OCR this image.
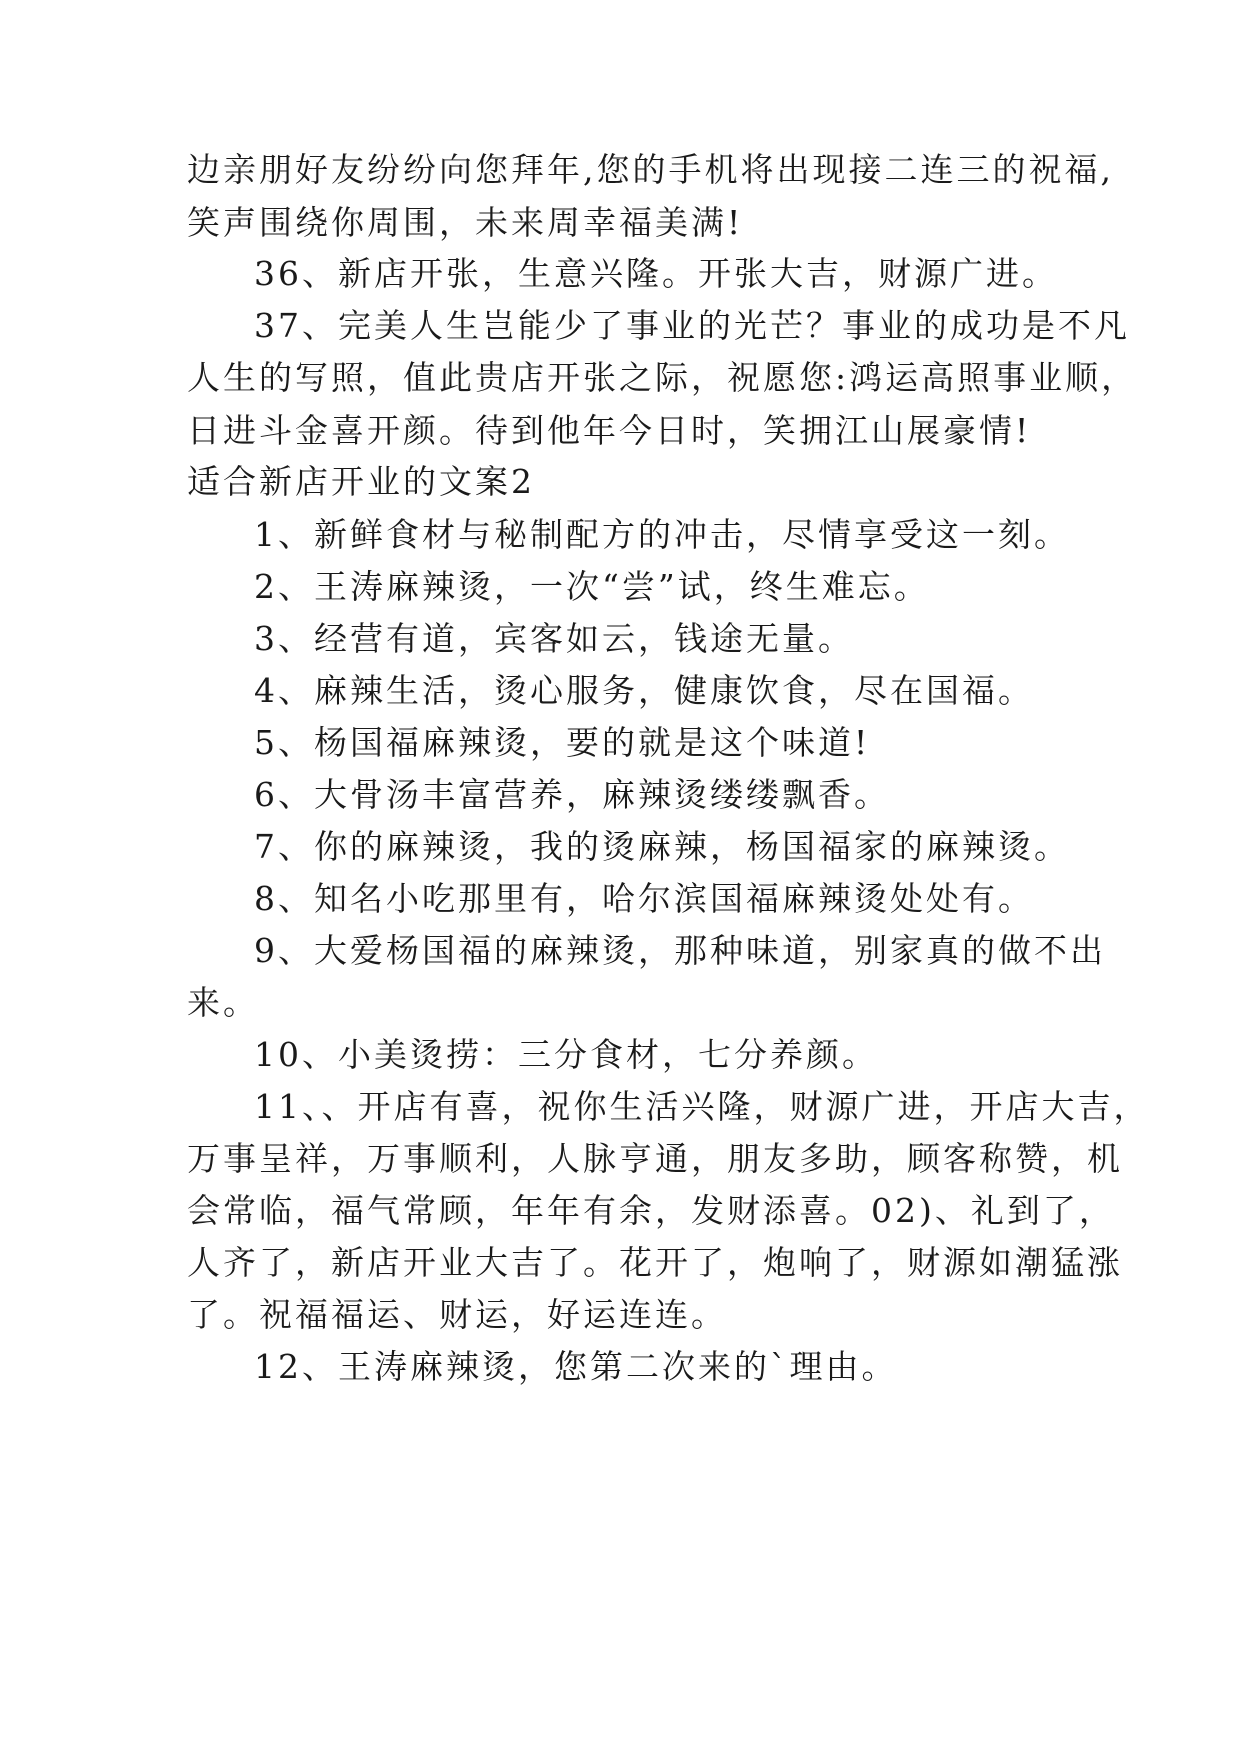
边亲朋好友纷纷向您拜年,您的手机将出现接二连三的祝福,
笑声围绕你周围，未来周幸福美满!
36、新店开张，生意兴隆。开张大吉，财源广进。
37、完美人生岂能少了事业的光芒？事业的成功是不凡
人生的写照，值此贵店开张之际，祝愿您:鸿运高照事业顺，
日进斗金喜开颜。待到他年今日时，笑拥江山展豪情!
适合新店开业的文案2
1、新鲜食材与秘制配方的冲击，尽情享受这一刻。
2、王涛麻辣烫，一次“尝”试，终生难忘。
3、经营有道，宾客如云，钱途无量。
4、麻辣生活，烫心服务，健康饮食，尽在国福。
5、杨国福麻辣烫，要的就是这个味道!
6、大骨汤丰富营养，麻辣烫缕缕飘香。
7、你的麻辣烫，我的烫麻辣，杨国福家的麻辣烫。
8、知名小吃那里有，哈尔滨国福麻辣烫处处有。
9、大爱杨国福的麻辣烫，那种味道，别家真的做不出
来。
10、小美烫捞：三分食材，七分养颜。
11、、开店有喜，祝你生活兴隆，财源广进，开店大吉，
万事呈祥，万事顺利，人脉亨通，朋友多助，顾客称赞，机
会常临，福气常顾，年年有余，发财添喜。02)、礼到了，
人齐了，新店开业大吉了。花开了，炮响了，财源如潮猛涨
了。祝福福运、财运，好运连连。
12、王涛麻辣烫，您第二次来的`理由。
